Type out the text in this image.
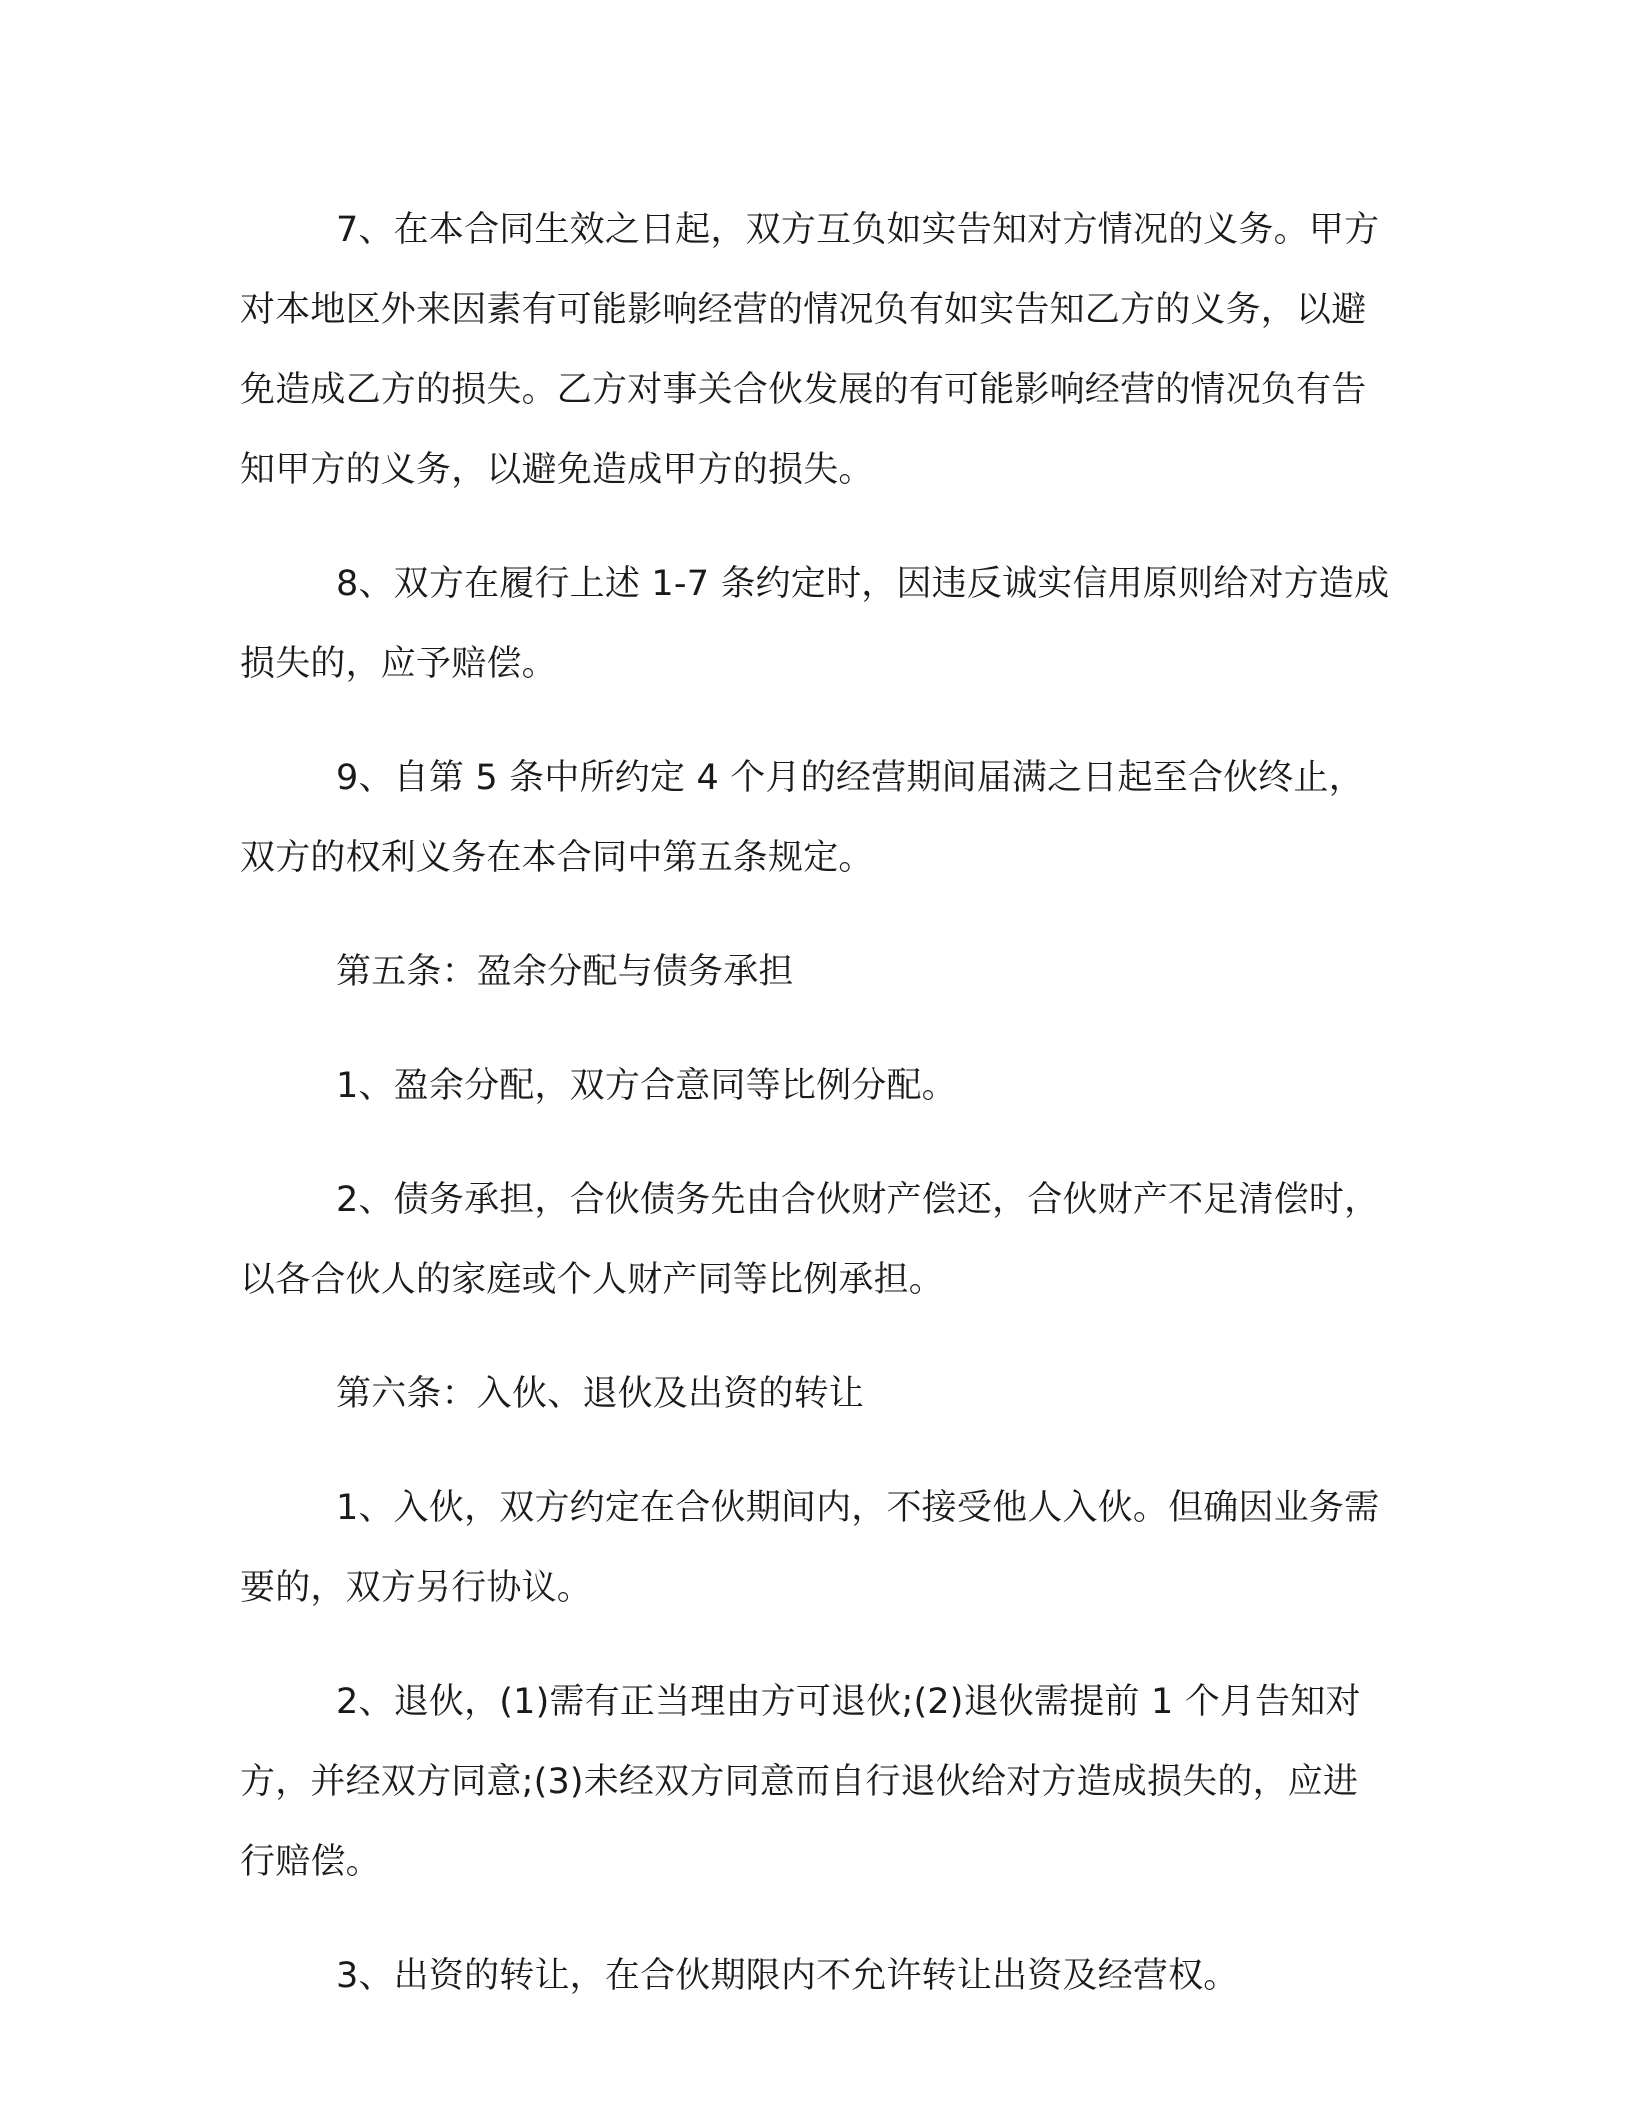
7、在本合同生效之日起，双方互负如实告知对方情况的义务。甲方对本地区外来因素有可能影响经营的情况负有如实告知乙方的义务，以避免造成乙方的损失。乙方对事关合伙发展的有可能影响经营的情况负有告知甲方的义务，以避免造成甲方的损失。

8、双方在履行上述 1-7 条约定时，因违反诚实信用原则给对方造成损失的，应予赔偿。

9、自第 5 条中所约定 4 个月的经营期间届满之日起至合伙终止，双方的权利义务在本合同中第五条规定。

第五条：盈余分配与债务承担

1、盈余分配，双方合意同等比例分配。

2、债务承担，合伙债务先由合伙财产偿还，合伙财产不足清偿时，以各合伙人的家庭或个人财产同等比例承担。

第六条：入伙、退伙及出资的转让

1、入伙，双方约定在合伙期间内，不接受他人入伙。但确因业务需要的，双方另行协议。

2、退伙，(1)需有正当理由方可退伙;(2)退伙需提前 1 个月告知对方，并经双方同意;(3)未经双方同意而自行退伙给对方造成损失的，应进行赔偿。

3、出资的转让，在合伙期限内不允许转让出资及经营权。
